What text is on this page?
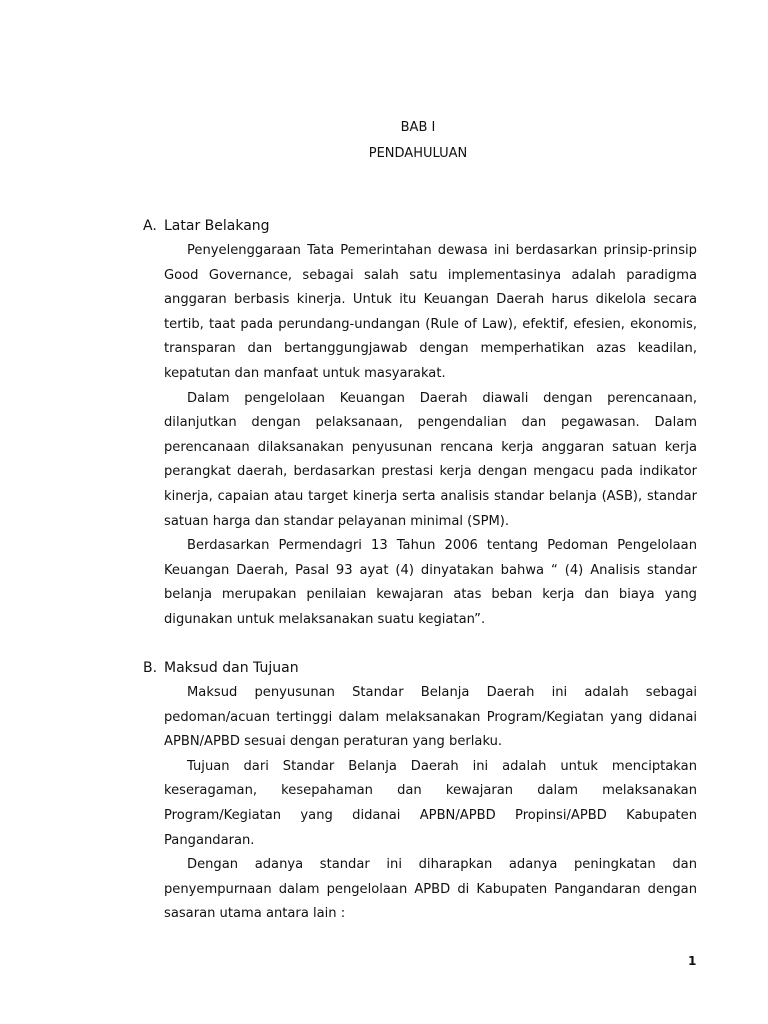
BAB I
PENDAHULUAN
A. Latar Belakang

Penyelenggaraan Tata Pemerintahan dewasa ini berdasarkan prinsip-prinsip Good Governance, sebagai salah satu implementasinya adalah paradigma anggaran berbasis kinerja. Untuk itu Keuangan Daerah harus dikelola secara tertib, taat pada perundang-undangan (Rule of Law), efektif, efesien, ekonomis, transparan dan bertanggungjawab dengan memperhatikan azas keadilan, kepatutan dan manfaat untuk masyarakat.

Dalam pengelolaan Keuangan Daerah diawali dengan perencanaan, dilanjutkan dengan pelaksanaan, pengendalian dan pegawasan. Dalam perencanaan dilaksanakan penyusunan rencana kerja anggaran satuan kerja perangkat daerah, berdasarkan prestasi kerja dengan mengacu pada indikator kinerja, capaian atau target kinerja serta analisis standar belanja (ASB), standar satuan harga dan standar pelayanan minimal (SPM).

Berdasarkan Permendagri 13 Tahun 2006 tentang Pedoman Pengelolaan Keuangan Daerah, Pasal 93 ayat (4) dinyatakan bahwa “ (4) Analisis standar belanja merupakan penilaian kewajaran atas beban kerja dan biaya yang digunakan untuk melaksanakan suatu kegiatan”.

B. Maksud dan Tujuan

Maksud penyusunan Standar Belanja Daerah ini adalah sebagai pedoman/acuan tertinggi dalam melaksanakan Program/Kegiatan yang didanai APBN/APBD sesuai dengan peraturan yang berlaku.

Tujuan dari Standar Belanja Daerah ini adalah untuk menciptakan keseragaman, kesepahaman dan kewajaran dalam melaksanakan Program/Kegiatan yang didanai APBN/APBD Propinsi/APBD Kabupaten Pangandaran.

Dengan adanya standar ini diharapkan adanya peningkatan dan penyempurnaan dalam pengelolaan APBD di Kabupaten Pangandaran dengan sasaran utama antara lain :

1
